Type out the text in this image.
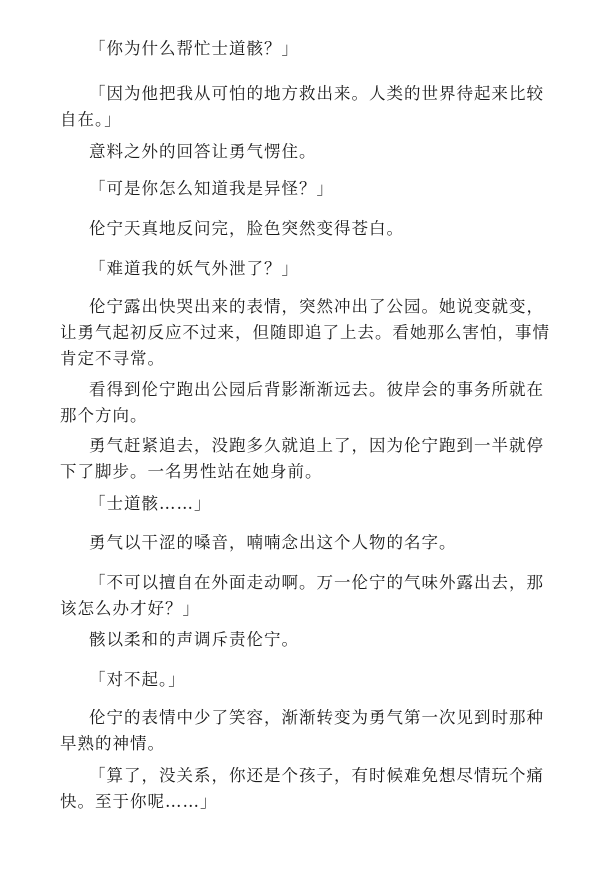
「你为什么帮忙士道骸？」

「因为他把我从可怕的地方救出来。人类的世界待起来比较自在。」

意料之外的回答让勇气愣住。

「可是你怎么知道我是异怪？」

伦宁天真地反问完，脸色突然变得苍白。

「难道我的妖气外泄了？」

伦宁露出快哭出来的表情，突然冲出了公园。她说变就变，让勇气起初反应不过来，但随即追了上去。看她那么害怕，事情肯定不寻常。

看得到伦宁跑出公园后背影渐渐远去。彼岸会的事务所就在那个方向。

勇气赶紧追去，没跑多久就追上了，因为伦宁跑到一半就停下了脚步。一名男性站在她身前。

「士道骸……」

勇气以干涩的嗓音，喃喃念出这个人物的名字。

「不可以擅自在外面走动啊。万一伦宁的气味外露出去，那该怎么办才好？」

骸以柔和的声调斥责伦宁。

「对不起。」

伦宁的表情中少了笑容，渐渐转变为勇气第一次见到时那种早熟的神情。

「算了，没关系，你还是个孩子，有时候难免想尽情玩个痛快。至于你呢……」
